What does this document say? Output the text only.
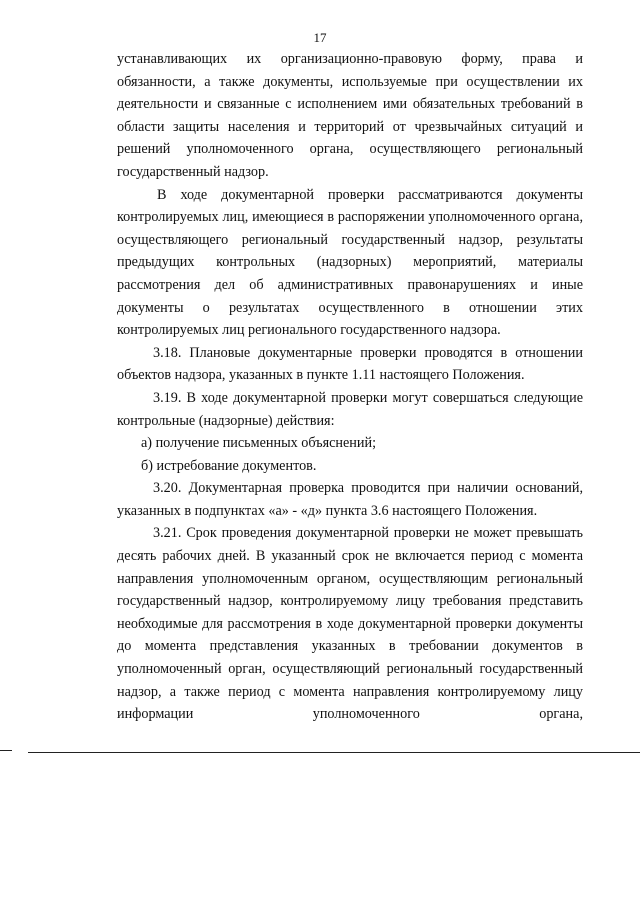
17

устанавливающих их организационно-правовую форму, права и обязанности, а также документы, используемые при осуществлении их деятельности и связанные с исполнением ими обязательных требований в области защиты населения и территорий от чрезвычайных ситуаций и решений уполномоченного органа, осуществляющего региональный государственный надзор.

В ходе документарной проверки рассматриваются документы контролируемых лиц, имеющиеся в распоряжении уполномоченного органа, осуществляющего региональный государственный надзор, результаты предыдущих контрольных (надзорных) мероприятий, материалы рассмотрения дел об административных правонарушениях и иные документы о результатах осуществленного в отношении этих контролируемых лиц регионального государственного надзора.

3.18. Плановые документарные проверки проводятся в отношении объектов надзора, указанных в пункте 1.11 настоящего Положения.

3.19. В ходе документарной проверки могут совершаться следующие контрольные (надзорные) действия:

а) получение письменных объяснений;

б) истребование документов.

3.20. Документарная проверка проводится при наличии оснований, указанных в подпунктах «а» - «д» пункта 3.6 настоящего Положения.

3.21. Срок проведения документарной проверки не может превышать десять рабочих дней. В указанный срок не включается период с момента направления уполномоченным органом, осуществляющим региональный государственный надзор, контролируемому лицу требования представить необходимые для рассмотрения в ходе документарной проверки документы до момента представления указанных в требовании документов в уполномоченный орган, осуществляющий региональный государственный надзор, а также период с момента направления контролируемому лицу информации уполномоченного органа,
